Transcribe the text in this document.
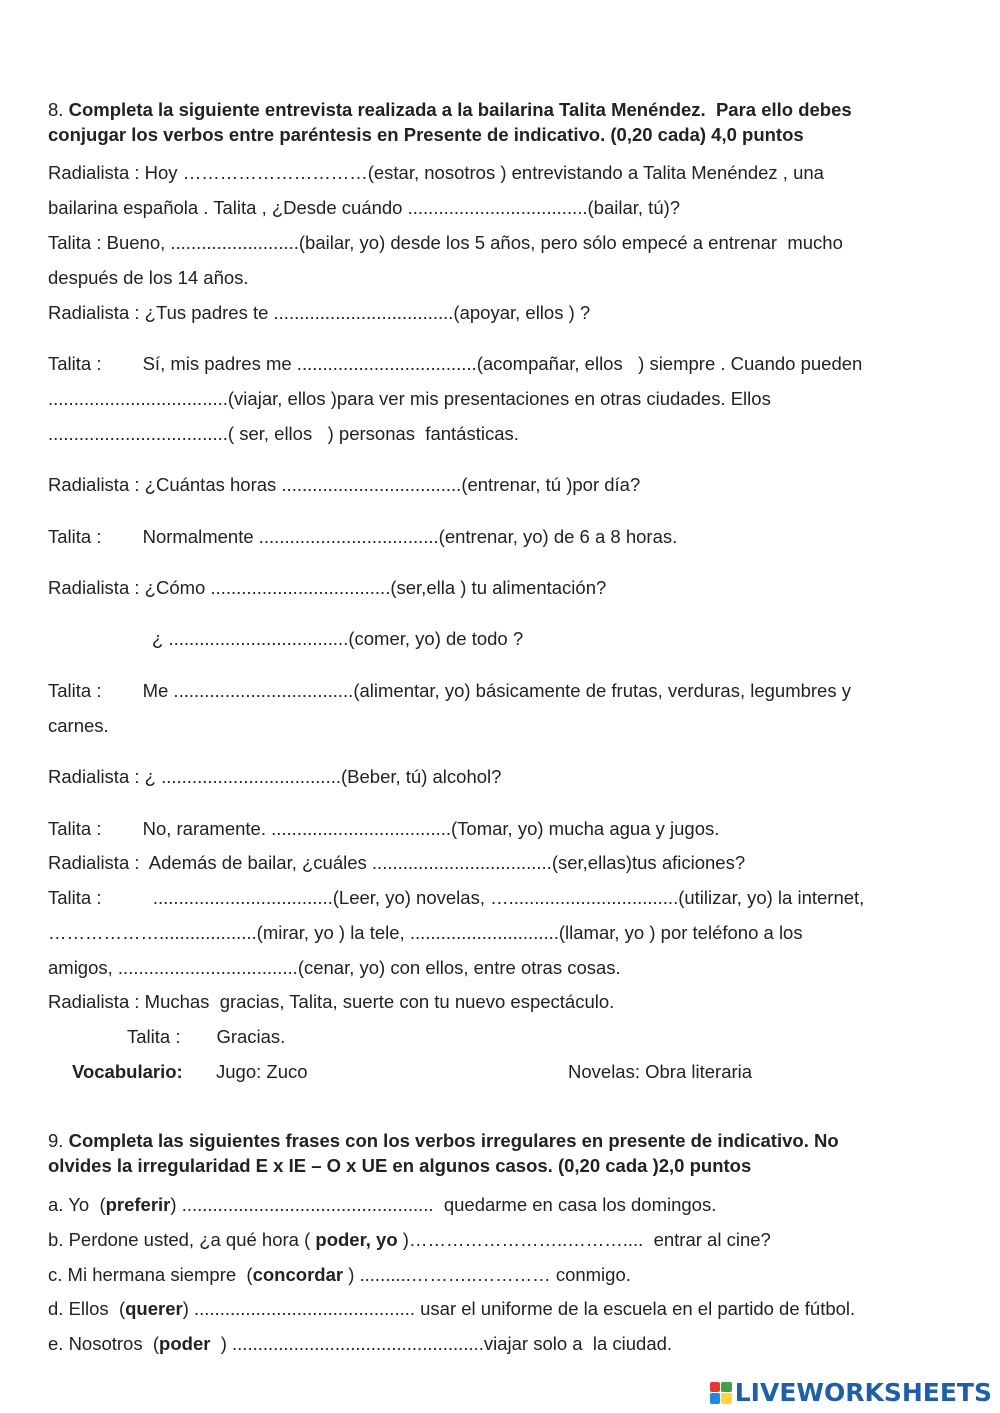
8. Completa la siguiente entrevista realizada a la bailarina Talita Menéndez.  Para ello debes
conjugar los verbos entre paréntesis en Presente de indicativo. (0,20 cada) 4,0 puntos
Radialista : Hoy …………………………(estar, nosotros ) entrevistando a Talita Menéndez , una
bailarina española . Talita , ¿Desde cuándo ...................................(bailar, tú)?
Talita : Bueno, .........................(bailar, yo) desde los 5 años, pero sólo empecé a entrenar  mucho
después de los 14 años.
Radialista : ¿Tus padres te ...................................(apoyar, ellos ) ?
Talita :        Sí, mis padres me ...................................(acompañar, ellos   ) siempre . Cuando pueden
...................................(viajar, ellos )para ver mis presentaciones en otras ciudades. Ellos
...................................( ser, ellos   ) personas  fantásticas.
Radialista : ¿Cuántas horas ...................................(entrenar, tú )por día?
Talita :        Normalmente ...................................(entrenar, yo) de 6 a 8 horas.
Radialista : ¿Cómo ...................................(ser,ella ) tu alimentación?
¿ ...................................(comer, yo) de todo ?
Talita :        Me ...................................(alimentar, yo) básicamente de frutas, verduras, legumbres y
carnes.
Radialista : ¿ ...................................(Beber, tú) alcohol?
Talita :        No, raramente. ...................................(Tomar, yo) mucha agua y jugos.
Radialista :  Además de bailar, ¿cuáles ...................................(ser,ellas)tus aficiones?
Talita :          ...................................(Leer, yo) novelas, ….................................(utilizar, yo) la internet,
………………...................(mirar, yo ) la tele, .............................(llamar, yo ) por teléfono a los
amigos, ...................................(cenar, yo) con ellos, entre otras cosas.
Radialista : Muchas  gracias, Talita, suerte con tu nuevo espectáculo.
Talita :       Gracias.
Vocabulario: Jugo: Zuco	Novelas: Obra literaria
9. Completa las siguientes frases con los verbos irregulares en presente de indicativo. No
olvides la irregularidad E x IE – O x UE en algunos casos. (0,20 cada )2,0 puntos
a. Yo  (preferir) .................................................  quedarme en casa los domingos.
b. Perdone usted, ¿a qué hora ( poder, yo )……………………..………....  entrar al cine?
c. Mi hermana siempre  (concordar ) ..........………..………… conmigo.
d. Ellos  (querer) ........................................... usar el uniforme de la escuela en el partido de fútbol.
e. Nosotros  (poder  ) .................................................viajar solo a  la ciudad.
LIVEWORKSHEETS
